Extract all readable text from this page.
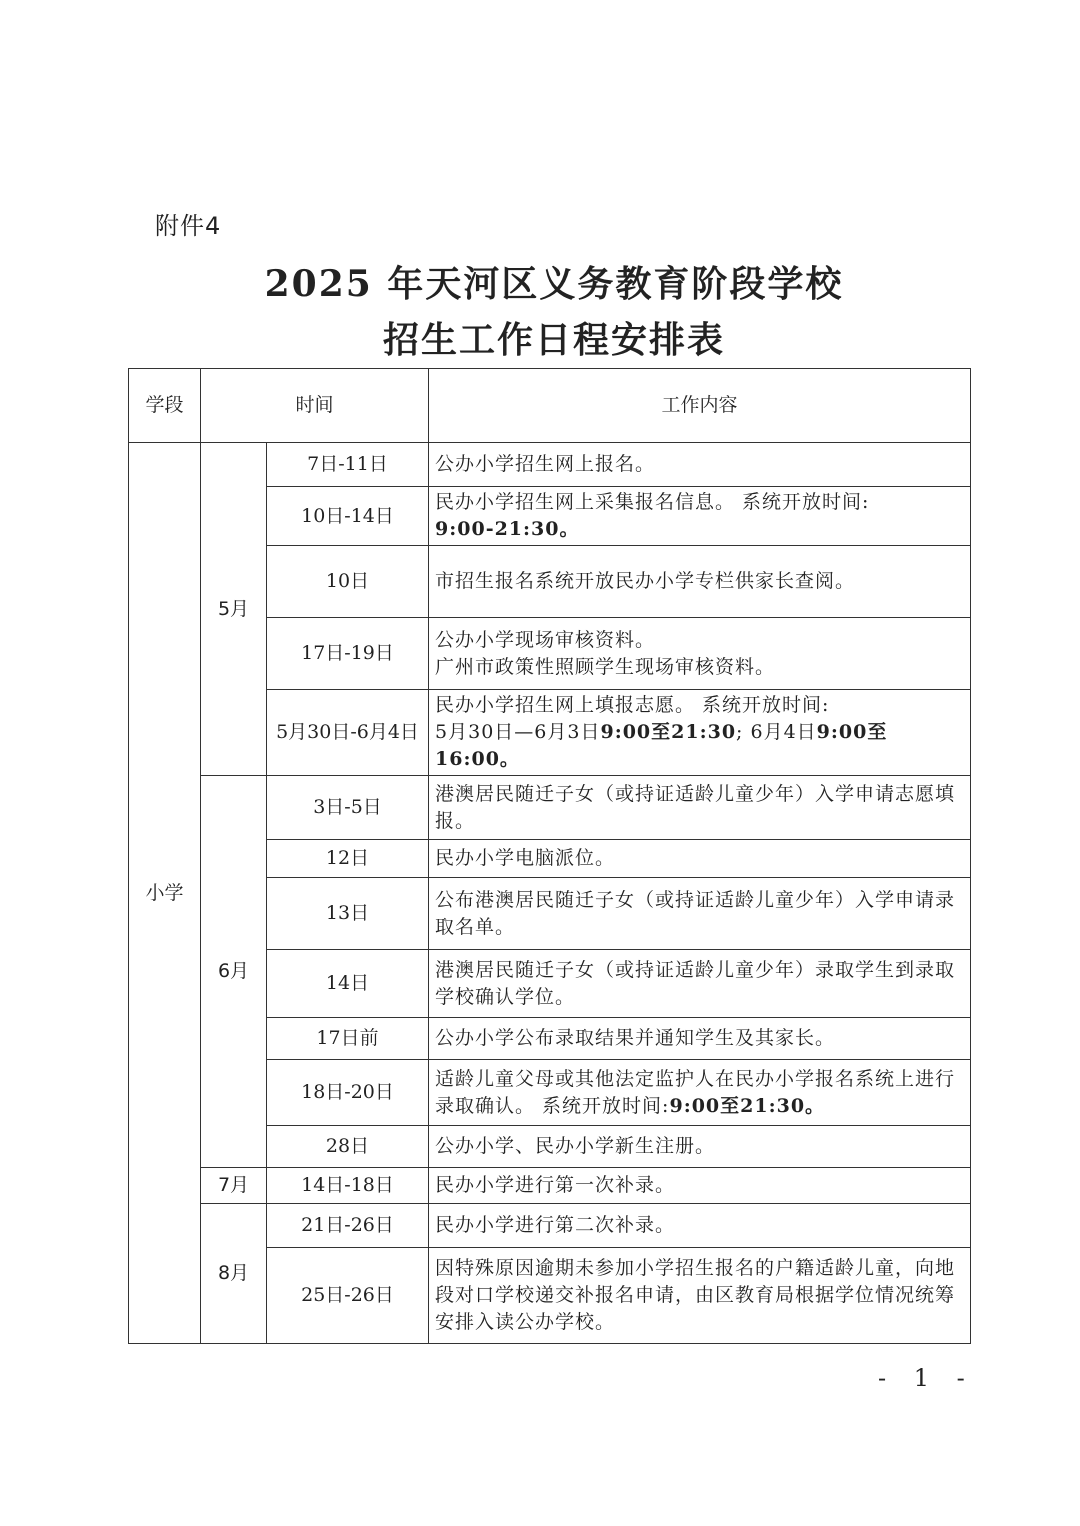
附件4
2025 年天河区义务教育阶段学校
招生工作日程安排表
学段	时间		工作内容
小学	5月	7日-11日	公办小学招生网上报名。
		10日-14日	民办小学招生网上采集报名信息。 系统开放时间:
9:00-21:30。
		10日	市招生报名系统开放民办小学专栏供家长查阅。
		17日-19日	公办小学现场审核资料。
广州市政策性照顾学生现场审核资料。
		5月30日-6月4日	民办小学招生网上填报志愿。 系统开放时间:
5月30日—6月3日9:00至21:30; 6月4日9:00至16:00。
	6月	3日-5日	港澳居民随迁子女（或持证适龄儿童少年）入学申请志愿填报。
		12日	民办小学电脑派位。
		13日	公布港澳居民随迁子女（或持证适龄儿童少年）入学申请录取名单。
		14日	港澳居民随迁子女（或持证适龄儿童少年）录取学生到录取学校确认学位。
		17日前	公办小学公布录取结果并通知学生及其家长。
		18日-20日	适龄儿童父母或其他法定监护人在民办小学报名系统上进行录取确认。 系统开放时间:9:00至21:30。
		28日	公办小学、民办小学新生注册。
	7月	14日-18日	民办小学进行第一次补录。
	8月	21日-26日	民办小学进行第二次补录。
		25日-26日	因特殊原因逾期未参加小学招生报名的户籍适龄儿童，向地段对口学校递交补报名申请，由区教育局根据学位情况统筹安排入读公办学校。
- 1 -
